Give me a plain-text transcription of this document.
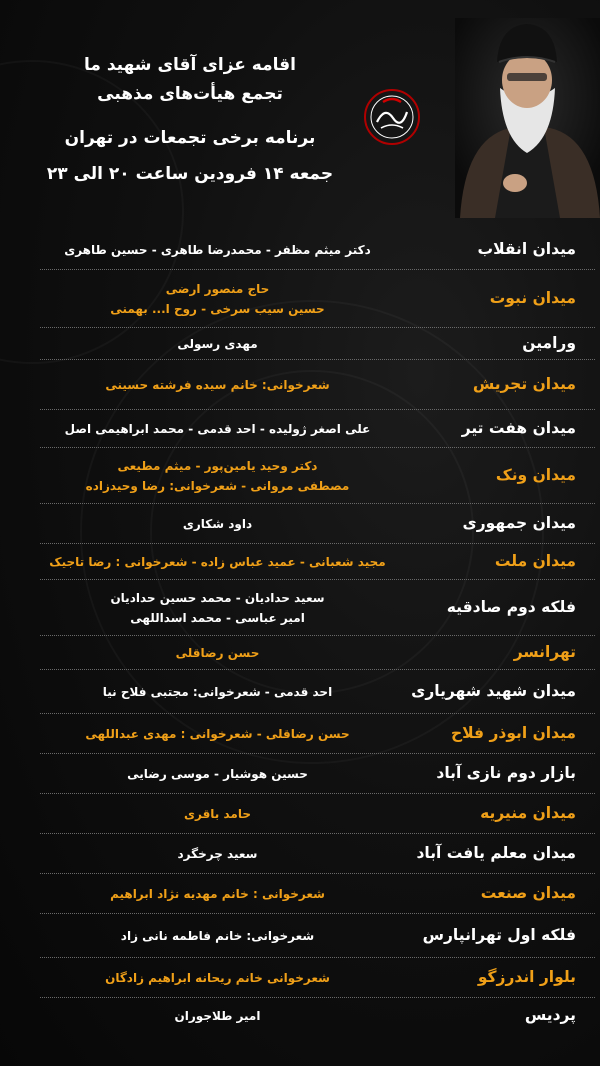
اقامه عزای آقای شهید ما
تجمع هیأت‌های مذهبی
برنامه برخی تجمعات در تهران
جمعه ۱۴ فرودین ساعت ۲۰ الی ۲۳
میدان انقلاب
دکتر میثم مظفر - محمدرضا طاهری - حسین طاهری
میدان نبوت
حاج منصور ارضی
حسین سیب سرخی - روح ا... بهمنی
ورامین
مهدی رسولی
میدان تجریش
شعرخوانی: خانم سیده فرشته حسینی
میدان هفت تیر
علی اصغر ژولیده - احد قدمی - محمد ابراهیمی اصل
میدان ونک
دکتر وحید یامین‌پور - میثم مطیعی
مصطفی مروانی - شعرخوانی: رضا وحیدزاده
میدان جمهوری
داود شکاری
میدان ملت
مجید شعبانی - عمید عباس زاده - شعرخوانی : رضا تاجیک
فلکه دوم صادقیه
سعید حدادیان - محمد حسین حدادیان
امیر عباسی - محمد اسداللهی
تهرانسر
حسن رضاقلی
میدان شهید شهریاری
احد قدمی - شعرخوانی: مجتبی فلاح نیا
میدان ابوذر فلاح
حسن رضاقلی - شعرخوانی : مهدی عبداللهی
بازار دوم نازی آباد
حسین هوشیار - موسی رضایی
میدان منیریه
حامد باقری
میدان معلم یافت آباد
سعید چرخگرد
میدان صنعت
شعرخوانی : خانم مهدیه نژاد ابراهیم
فلکه اول تهرانپارس
شعرخوانی: خانم فاطمه نانی زاد
بلوار اندرزگو
شعرخوانی خانم ریحانه ابراهیم زادگان
پردیس
امیر طلاجوران
